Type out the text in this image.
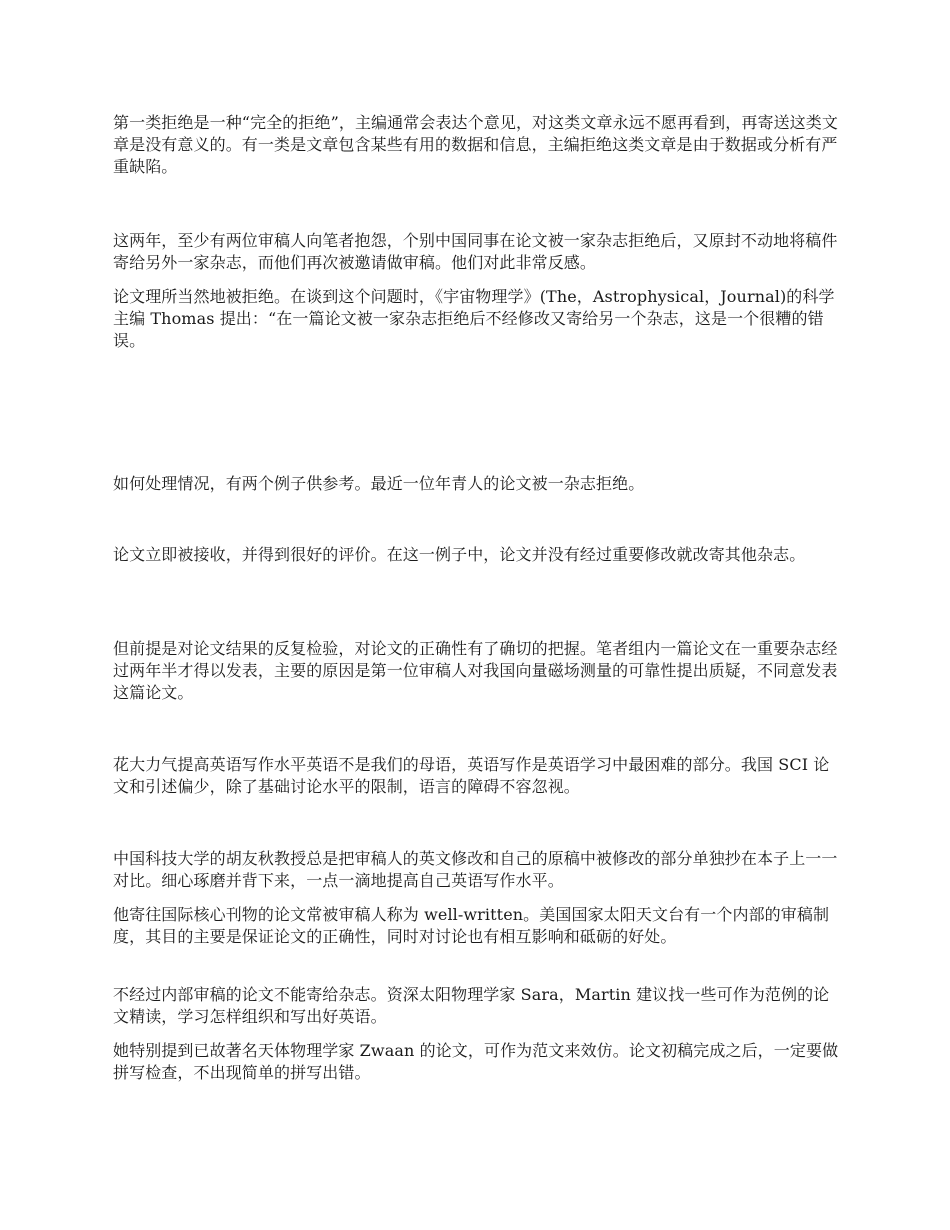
第一类拒绝是一种“完全的拒绝”，主编通常会表达个意见，对这类文章永远不愿再看到，再寄送这类文章是没有意义的。有一类是文章包含某些有用的数据和信息，主编拒绝这类文章是由于数据或分析有严重缺陷。

这两年，至少有两位审稿人向笔者抱怨，个别中国同事在论文被一家杂志拒绝后，又原封不动地将稿件寄给另外一家杂志，而他们再次被邀请做审稿。他们对此非常反感。

论文理所当然地被拒绝。在谈到这个问题时，《宇宙物理学》(The，Astrophysical，Journal)的科学主编 Thomas 提出：“在一篇论文被一家杂志拒绝后不经修改又寄给另一个杂志，这是一个很糟的错误。

如何处理情况，有两个例子供参考。最近一位年青人的论文被一杂志拒绝。

论文立即被接收，并得到很好的评价。在这一例子中，论文并没有经过重要修改就改寄其他杂志。

但前提是对论文结果的反复检验，对论文的正确性有了确切的把握。笔者组内一篇论文在一重要杂志经过两年半才得以发表，主要的原因是第一位审稿人对我国向量磁场测量的可靠性提出质疑，不同意发表这篇论文。

花大力气提高英语写作水平英语不是我们的母语，英语写作是英语学习中最困难的部分。我国 SCI 论文和引述偏少，除了基础讨论水平的限制，语言的障碍不容忽视。

中国科技大学的胡友秋教授总是把审稿人的英文修改和自己的原稿中被修改的部分单独抄在本子上一一对比。细心琢磨并背下来，一点一滴地提高自己英语写作水平。

他寄往国际核心刊物的论文常被审稿人称为 well-written。美国国家太阳天文台有一个内部的审稿制度，其目的主要是保证论文的正确性，同时对讨论也有相互影响和砥砺的好处。

不经过内部审稿的论文不能寄给杂志。资深太阳物理学家 Sara，Martin 建议找一些可作为范例的论文精读，学习怎样组织和写出好英语。

她特别提到已故著名天体物理学家 Zwaan 的论文，可作为范文来效仿。论文初稿完成之后，一定要做拼写检查，不出现简单的拼写出错。
